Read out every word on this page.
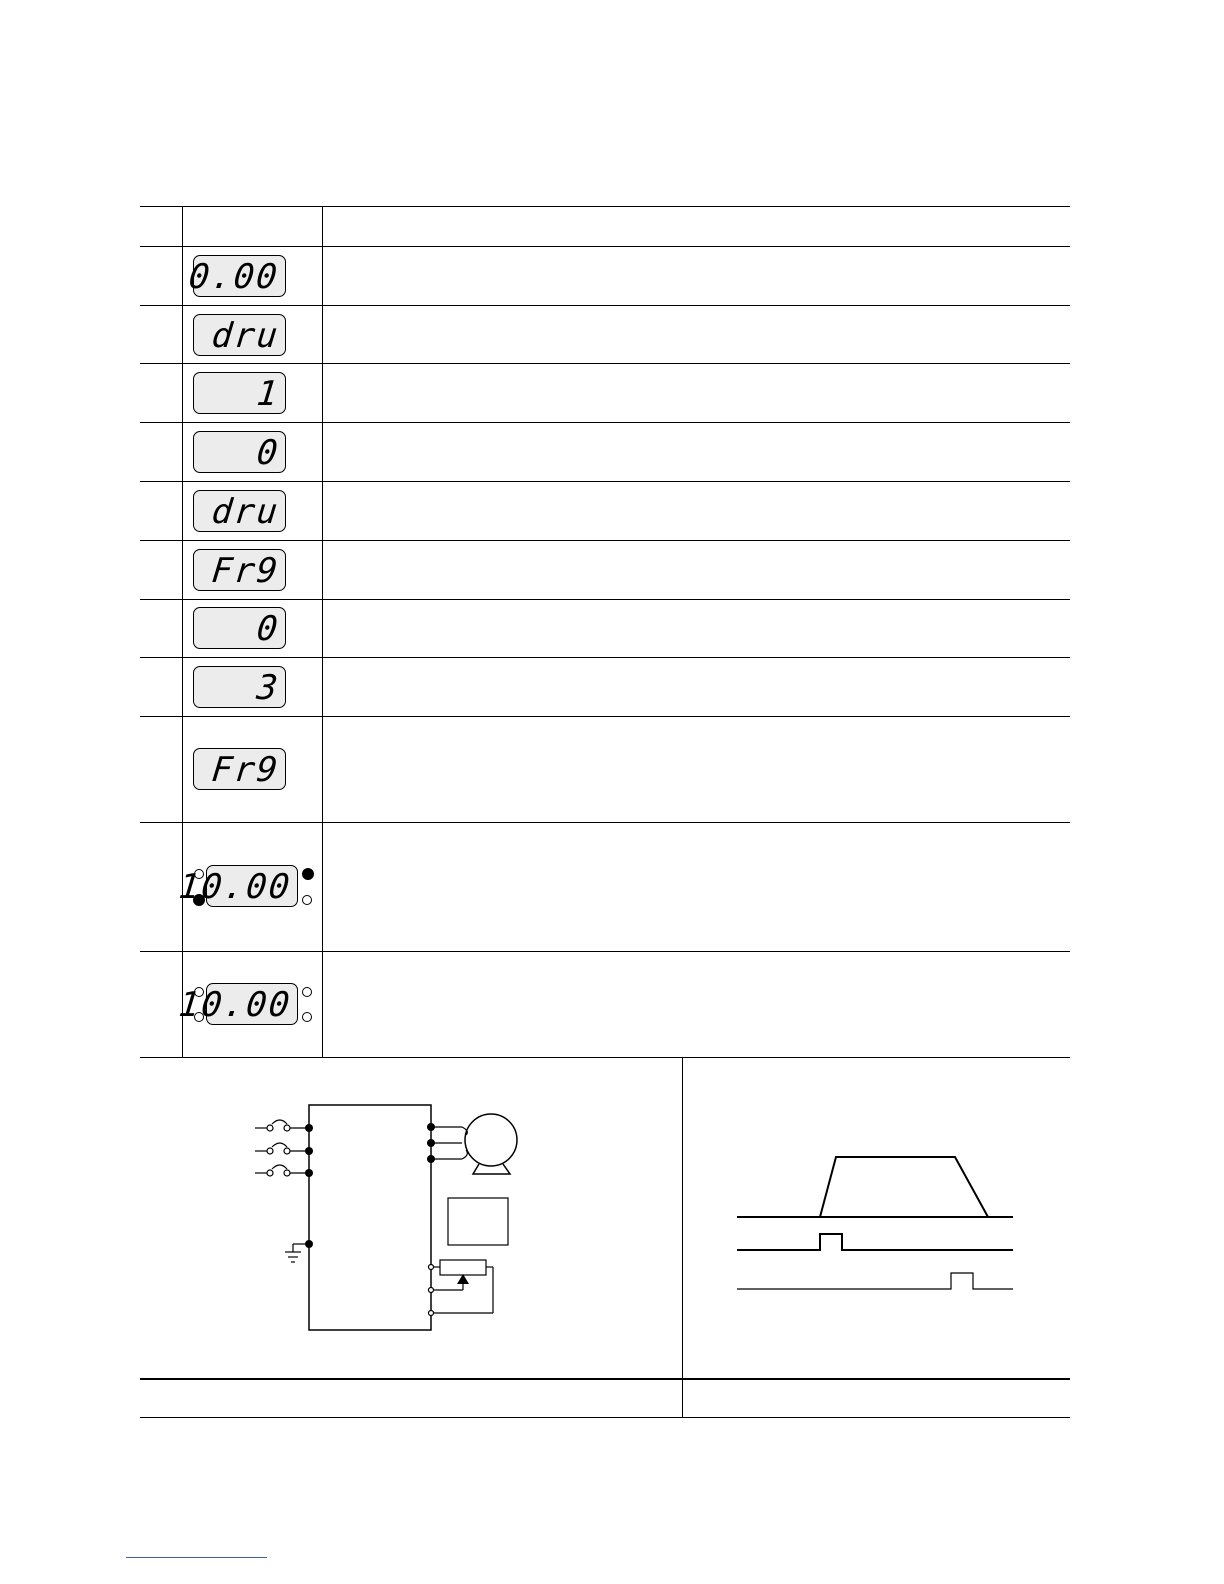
0.00
dru
1
0
dru
Fr9
0
3
Fr9
10.00
10.00
